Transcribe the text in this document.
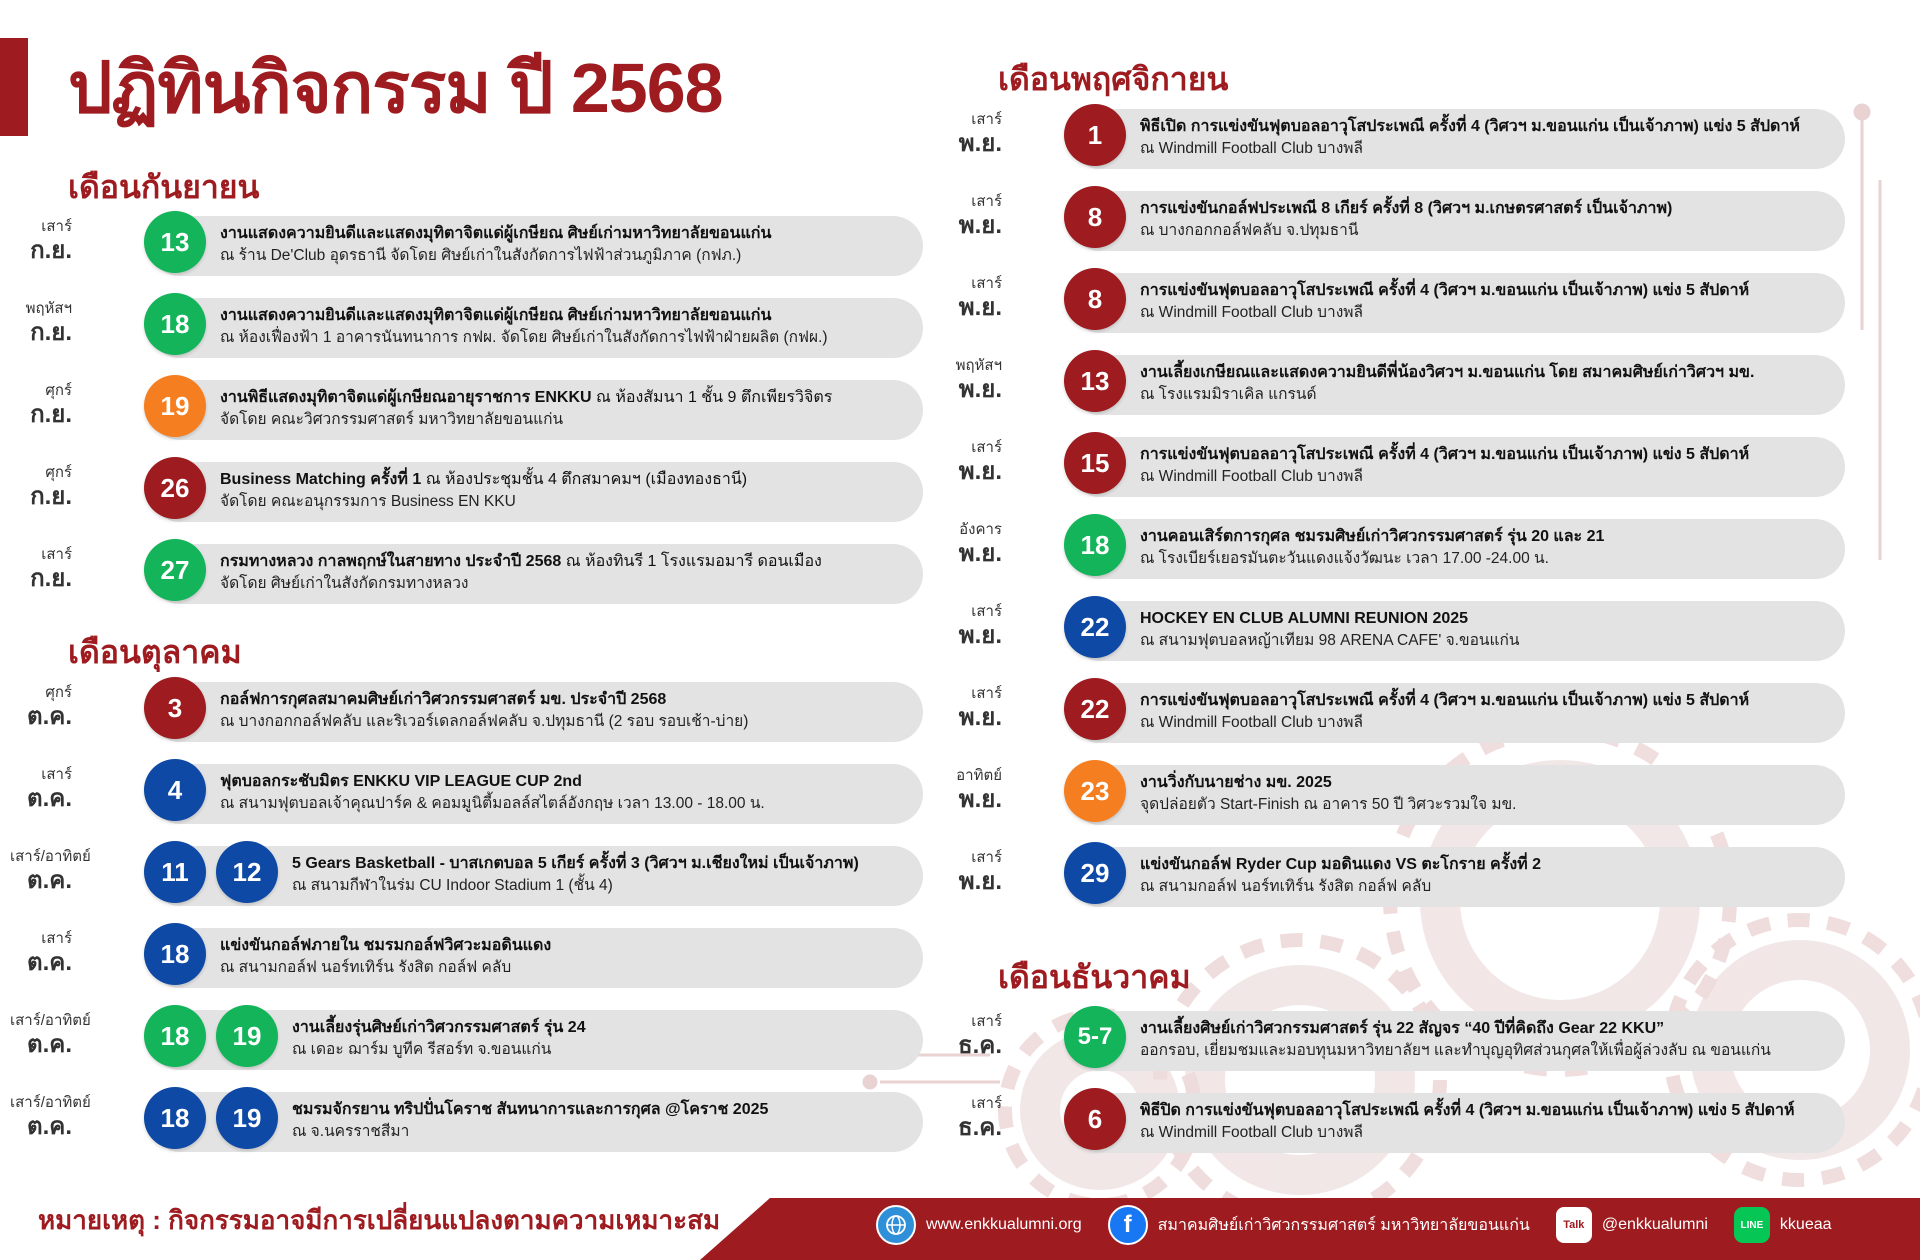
ปฏิทินกิจกรรม ปี 2568
เดือนกันยายน
เสาร์
ก.ย.	13	งานแสดงความยินดีและแสดงมุทิตาจิตแด่ผู้เกษียณ ศิษย์เก่ามหาวิทยาลัยขอนแก่น
ณ ร้าน De'Club อุดรธานี จัดโดย ศิษย์เก่าในสังกัดการไฟฟ้าส่วนภูมิภาค (กฟภ.)
พฤหัสฯ
ก.ย.	18	งานแสดงความยินดีและแสดงมุทิตาจิตแด่ผู้เกษียณ ศิษย์เก่ามหาวิทยาลัยขอนแก่น
ณ ห้องเฟื่องฟ้า 1 อาคารนันทนาการ กฟผ. จัดโดย ศิษย์เก่าในสังกัดการไฟฟ้าฝ่ายผลิต (กฟผ.)
ศุกร์
ก.ย.	19	งานพิธีแสดงมุทิตาจิตแด่ผู้เกษียณอายุราชการ ENKKU ณ ห้องสัมนา 1 ชั้น 9 ตึกเพียรวิจิตร
จัดโดย คณะวิศวกรรมศาสตร์ มหาวิทยาลัยขอนแก่น
ศุกร์
ก.ย.	26	Business Matching ครั้งที่ 1 ณ ห้องประชุมชั้น 4 ตึกสมาคมฯ (เมืองทองธานี)
จัดโดย คณะอนุกรรมการ Business EN KKU
เสาร์
ก.ย.	27	กรมทางหลวง กาลพฤกษ์ในสายทาง ประจำปี 2568 ณ ห้องทินรี 1 โรงแรมอมารี ดอนเมือง
จัดโดย ศิษย์เก่าในสังกัดกรมทางหลวง
เดือนตุลาคม
ศุกร์
ต.ค.	3	กอล์ฟการกุศลสมาคมศิษย์เก่าวิศวกรรมศาสตร์ มข. ประจำปี 2568
ณ บางกอกกอล์ฟคลับ และริเวอร์เดลกอล์ฟคลับ จ.ปทุมธานี (2 รอบ รอบเช้า-บ่าย)
เสาร์
ต.ค.	4	ฟุตบอลกระชับมิตร ENKKU VIP LEAGUE CUP 2nd
ณ สนามฟุตบอลเจ้าคุณปาร์ค & คอมมูนิตี้มอลล์สไตล์อังกฤษ เวลา 13.00 - 18.00 น.
เสาร์/อาทิตย์
ต.ค.	11	12	5 Gears Basketball - บาสเกตบอล 5 เกียร์ ครั้งที่ 3 (วิศวฯ ม.เชียงใหม่ เป็นเจ้าภาพ)
ณ สนามกีฬาในร่ม CU Indoor Stadium 1 (ชั้น 4)
เสาร์
ต.ค.	18	แข่งขันกอล์ฟภายใน ชมรมกอล์ฟวิศวะมอดินแดง
ณ สนามกอล์ฟ นอร์ทเทิร์น รังสิต กอล์ฟ คลับ
เสาร์/อาทิตย์
ต.ค.	18	19	งานเลี้ยงรุ่นศิษย์เก่าวิศวกรรมศาสตร์ รุ่น 24
ณ เดอะ ฌาร์ม บูทีค รีสอร์ท จ.ขอนแก่น
เสาร์/อาทิตย์
ต.ค.	18	19	ชมรมจักรยาน ทริปปั่นโคราช สันทนาการและการกุศล @โคราช 2025
ณ จ.นครราชสีมา
เดือนพฤศจิกายน
เสาร์
พ.ย.	1	พิธีเปิด การแข่งขันฟุตบอลอาวุโสประเพณี ครั้งที่ 4 (วิศวฯ ม.ขอนแก่น เป็นเจ้าภาพ) แข่ง 5 สัปดาห์
ณ Windmill Football Club บางพลี
เสาร์
พ.ย.	8	การแข่งขันกอล์ฟประเพณี 8 เกียร์ ครั้งที่ 8 (วิศวฯ ม.เกษตรศาสตร์ เป็นเจ้าภาพ)
ณ บางกอกกอล์ฟคลับ จ.ปทุมธานี
เสาร์
พ.ย.	8	การแข่งขันฟุตบอลอาวุโสประเพณี ครั้งที่ 4 (วิศวฯ ม.ขอนแก่น เป็นเจ้าภาพ) แข่ง 5 สัปดาห์
ณ Windmill Football Club บางพลี
พฤหัสฯ
พ.ย.	13	งานเลี้ยงเกษียณและแสดงความยินดีพี่น้องวิศวฯ ม.ขอนแก่น โดย สมาคมศิษย์เก่าวิศวฯ มข.
ณ โรงแรมมิราเคิล แกรนด์
เสาร์
พ.ย.	15	การแข่งขันฟุตบอลอาวุโสประเพณี ครั้งที่ 4 (วิศวฯ ม.ขอนแก่น เป็นเจ้าภาพ) แข่ง 5 สัปดาห์
ณ Windmill Football Club บางพลี
อังคาร
พ.ย.	18	งานคอนเสิร์ตการกุศล ชมรมศิษย์เก่าวิศวกรรมศาสตร์ รุ่น 20 และ 21
ณ โรงเบียร์เยอรมันตะวันแดงแจ้งวัฒนะ เวลา 17.00 -24.00 น.
เสาร์
พ.ย.	22	HOCKEY EN CLUB ALUMNI REUNION 2025
ณ สนามฟุตบอลหญ้าเทียม 98 ARENA CAFE' จ.ขอนแก่น
เสาร์
พ.ย.	22	การแข่งขันฟุตบอลอาวุโสประเพณี ครั้งที่ 4 (วิศวฯ ม.ขอนแก่น เป็นเจ้าภาพ) แข่ง 5 สัปดาห์
ณ Windmill Football Club บางพลี
อาทิตย์
พ.ย.	23	งานวิ่งกับนายช่าง มข. 2025
จุดปล่อยตัว Start-Finish ณ อาคาร 50 ปี วิศวะรวมใจ มข.
เสาร์
พ.ย.	29	แข่งขันกอล์ฟ Ryder Cup มอดินแดง VS ตะโกราย ครั้งที่ 2
ณ สนามกอล์ฟ นอร์ทเทิร์น รังสิต กอล์ฟ คลับ
เดือนธันวาคม
เสาร์
ธ.ค.	5-7	งานเลี้ยงศิษย์เก่าวิศวกรรมศาสตร์ รุ่น 22 สัญจร “40 ปีที่คิดถึง Gear 22 KKU”
ออกรอบ, เยี่ยมชมและมอบทุนมหาวิทยาลัยฯ และทำบุญอุทิศส่วนกุศลให้เพื่อผู้ล่วงลับ ณ ขอนแก่น
เสาร์
ธ.ค.	6	พิธีปิด การแข่งขันฟุตบอลอาวุโสประเพณี ครั้งที่ 4 (วิศวฯ ม.ขอนแก่น เป็นเจ้าภาพ) แข่ง 5 สัปดาห์
ณ Windmill Football Club บางพลี
หมายเหตุ : กิจกรรมอาจมีการเปลี่ยนแปลงตามความเหมาะสม	www.enkkualumni.org	f	สมาคมศิษย์เก่าวิศวกรรมศาสตร์ มหาวิทยาลัยขอนแก่น	Talk	@enkkualumni	LINE	kkueaa
